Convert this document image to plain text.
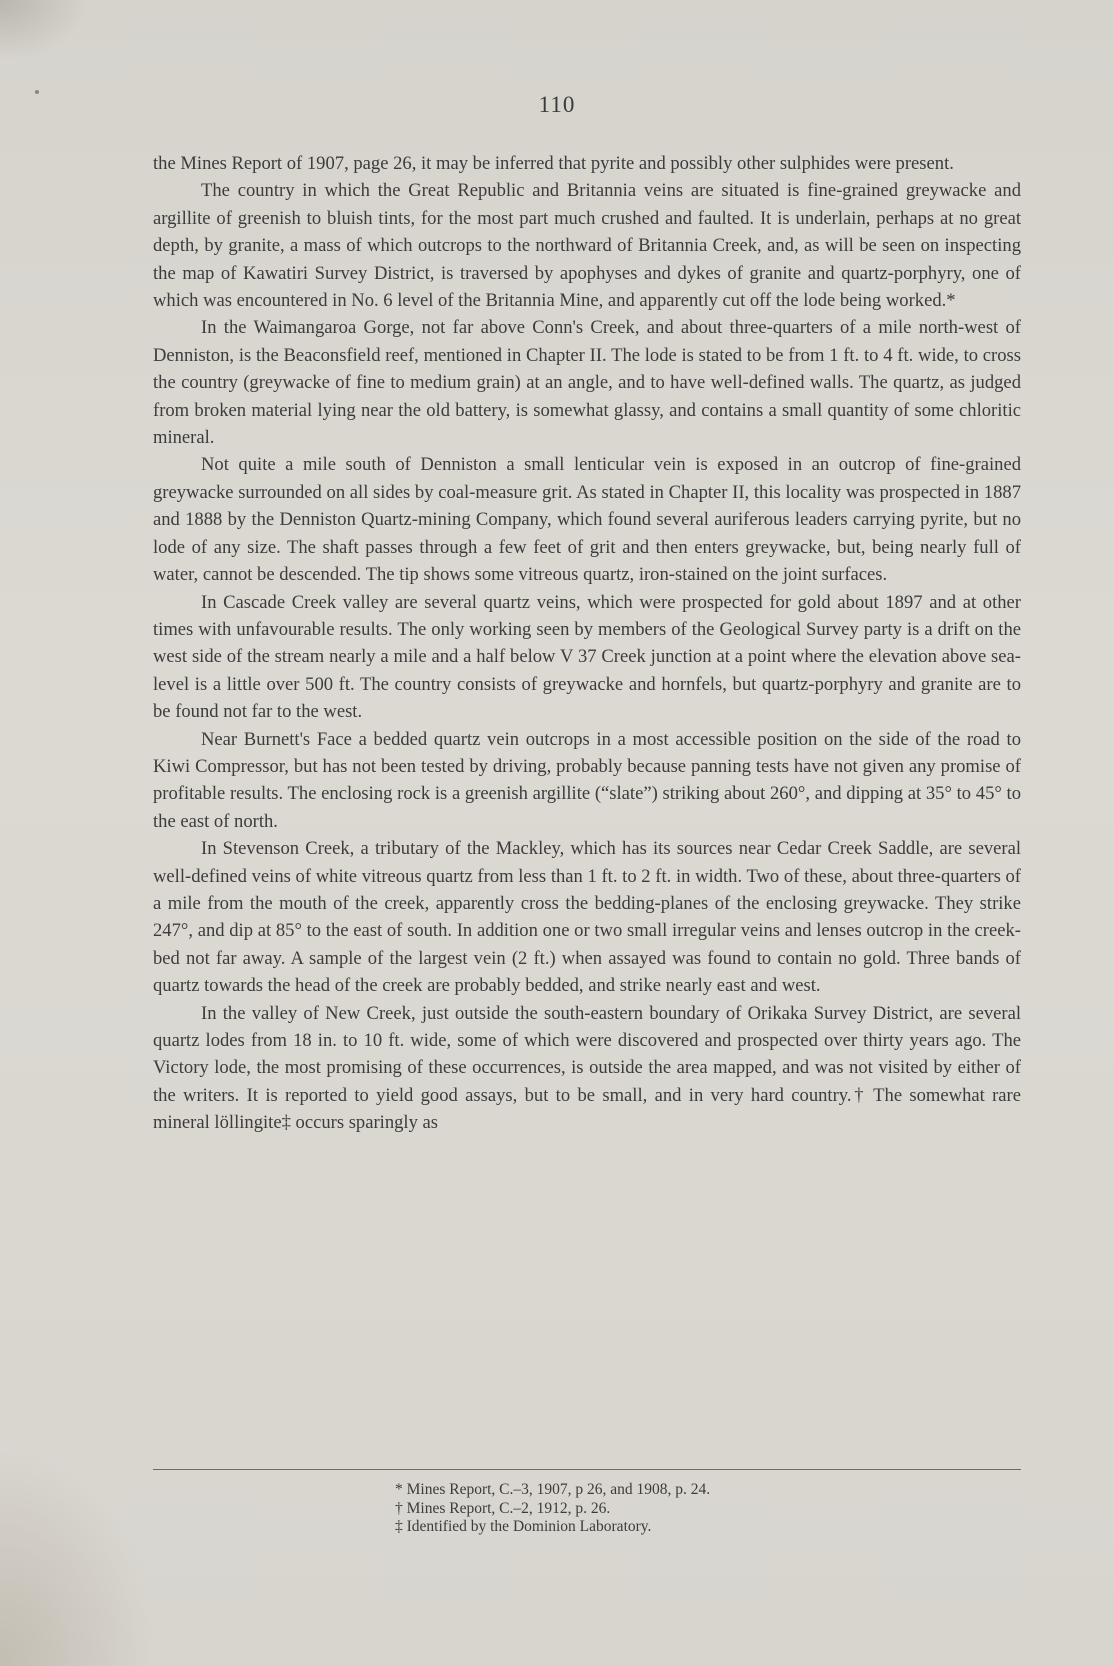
110

the Mines Report of 1907, page 26, it may be inferred that pyrite and possibly other sulphides were present.

The country in which the Great Republic and Britannia veins are situated is fine-grained greywacke and argillite of greenish to bluish tints, for the most part much crushed and faulted. It is underlain, perhaps at no great depth, by granite, a mass of which outcrops to the northward of Britannia Creek, and, as will be seen on inspecting the map of Kawatiri Survey District, is traversed by apophyses and dykes of granite and quartz-porphyry, one of which was encountered in No. 6 level of the Britannia Mine, and apparently cut off the lode being worked.*

In the Waimangaroa Gorge, not far above Conn's Creek, and about three-quarters of a mile north-west of Denniston, is the Beaconsfield reef, mentioned in Chapter II. The lode is stated to be from 1 ft. to 4 ft. wide, to cross the country (greywacke of fine to medium grain) at an angle, and to have well-defined walls. The quartz, as judged from broken material lying near the old battery, is somewhat glassy, and contains a small quantity of some chloritic mineral.

Not quite a mile south of Denniston a small lenticular vein is exposed in an outcrop of fine-grained greywacke surrounded on all sides by coal-measure grit. As stated in Chapter II, this locality was prospected in 1887 and 1888 by the Denniston Quartz-mining Company, which found several auriferous leaders carrying pyrite, but no lode of any size. The shaft passes through a few feet of grit and then enters greywacke, but, being nearly full of water, cannot be descended. The tip shows some vitreous quartz, iron-stained on the joint surfaces.

In Cascade Creek valley are several quartz veins, which were prospected for gold about 1897 and at other times with unfavourable results. The only working seen by members of the Geological Survey party is a drift on the west side of the stream nearly a mile and a half below V 37 Creek junction at a point where the elevation above sea-level is a little over 500 ft. The country consists of greywacke and hornfels, but quartz-porphyry and granite are to be found not far to the west.

Near Burnett's Face a bedded quartz vein outcrops in a most accessible position on the side of the road to Kiwi Compressor, but has not been tested by driving, probably because panning tests have not given any promise of profitable results. The enclosing rock is a greenish argillite (“slate”) striking about 260°, and dipping at 35° to 45° to the east of north.

In Stevenson Creek, a tributary of the Mackley, which has its sources near Cedar Creek Saddle, are several well-defined veins of white vitreous quartz from less than 1 ft. to 2 ft. in width. Two of these, about three-quarters of a mile from the mouth of the creek, apparently cross the bedding-planes of the enclosing greywacke. They strike 247°, and dip at 85° to the east of south. In addition one or two small irregular veins and lenses outcrop in the creek-bed not far away. A sample of the largest vein (2 ft.) when assayed was found to contain no gold. Three bands of quartz towards the head of the creek are probably bedded, and strike nearly east and west.

In the valley of New Creek, just outside the south-eastern boundary of Orikaka Survey District, are several quartz lodes from 18 in. to 10 ft. wide, some of which were discovered and prospected over thirty years ago. The Victory lode, the most promising of these occurrences, is outside the area mapped, and was not visited by either of the writers. It is reported to yield good assays, but to be small, and in very hard country.† The somewhat rare mineral löllingite‡ occurs sparingly as

* Mines Report, C.–3, 1907, p 26, and 1908, p. 24.
† Mines Report, C.–2, 1912, p. 26.
‡ Identified by the Dominion Laboratory.
